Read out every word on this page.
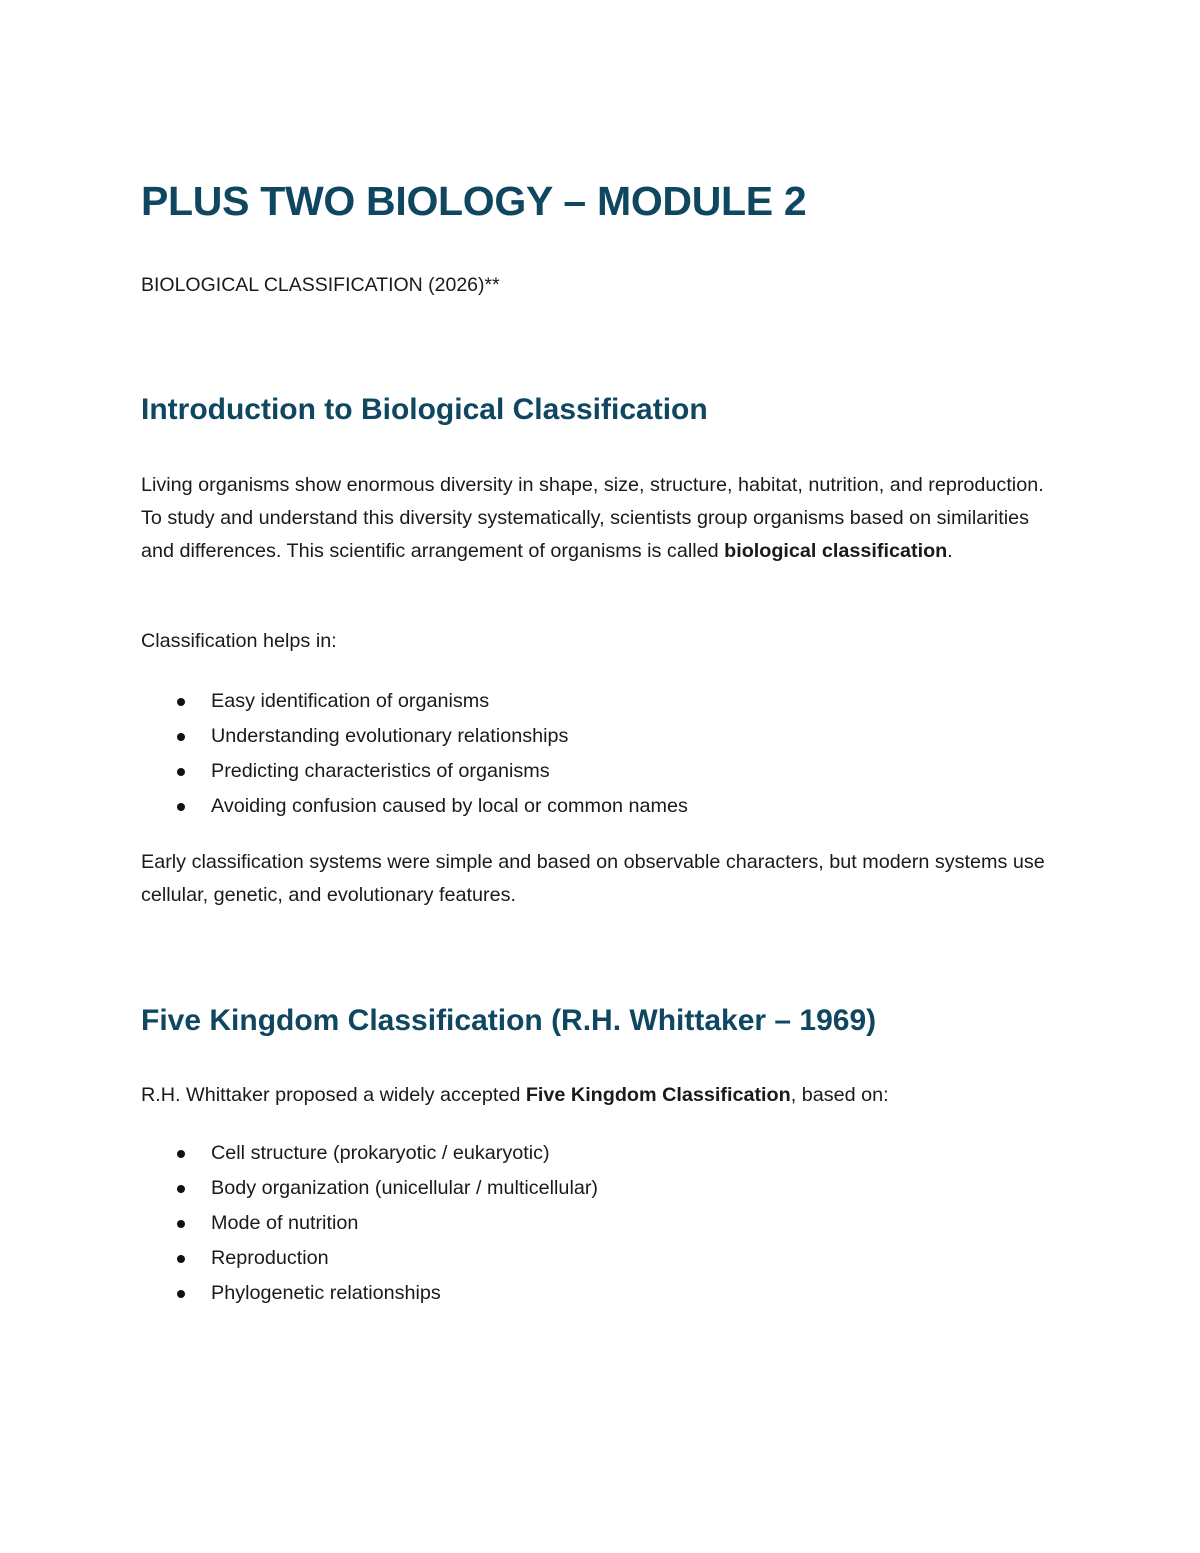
PLUS TWO BIOLOGY – MODULE 2

BIOLOGICAL CLASSIFICATION (2026)**

Introduction to Biological Classification

Living organisms show enormous diversity in shape, size, structure, habitat, nutrition, and reproduction. To study and understand this diversity systematically, scientists group organisms based on similarities and differences. This scientific arrangement of organisms is called biological classification.

Classification helps in:

Easy identification of organisms
Understanding evolutionary relationships
Predicting characteristics of organisms
Avoiding confusion caused by local or common names

Early classification systems were simple and based on observable characters, but modern systems use cellular, genetic, and evolutionary features.

Five Kingdom Classification (R.H. Whittaker – 1969)

R.H. Whittaker proposed a widely accepted Five Kingdom Classification, based on:

Cell structure (prokaryotic / eukaryotic)
Body organization (unicellular / multicellular)
Mode of nutrition
Reproduction
Phylogenetic relationships
